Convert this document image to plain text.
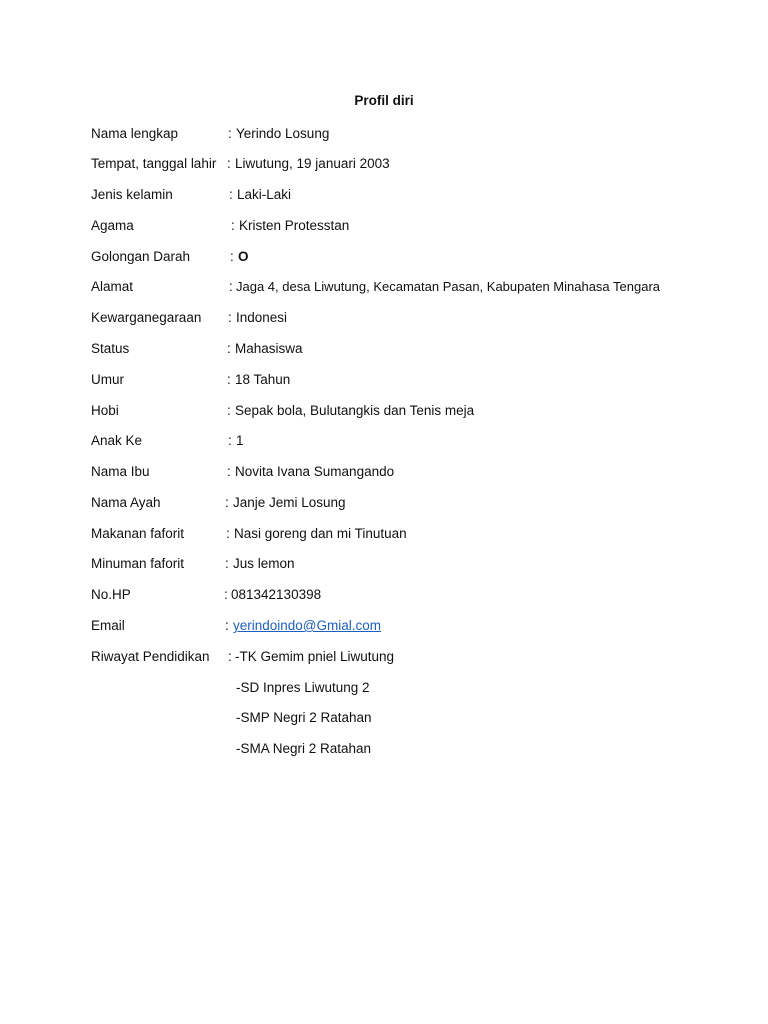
Profil diri
Nama lengkap	: Yerindo Losung
Tempat, tanggal lahir : Liwutung, 19 januari 2003
Jenis kelamin	: Laki-Laki
Agama	: Kristen Protesstan
Golongan Darah	: O
Alamat	: Jaga 4, desa Liwutung, Kecamatan Pasan, Kabupaten Minahasa Tengara
Kewarganegaraan : Indonesi
Status	: Mahasiswa
Umur	: 18 Tahun
Hobi	: Sepak bola, Bulutangkis dan Tenis meja
Anak Ke	: 1
Nama Ibu	: Novita Ivana Sumangando
Nama Ayah	: Janje Jemi Losung
Makanan faforit	: Nasi goreng dan mi Tinutuan
Minuman faforit	: Jus lemon
No.HP	: 081342130398
Email	: yerindoindo@Gmial.com
Riwayat Pendidikan : -TK Gemim pniel Liwutung
-SD Inpres Liwutung 2
-SMP Negri 2 Ratahan
-SMA Negri 2 Ratahan
